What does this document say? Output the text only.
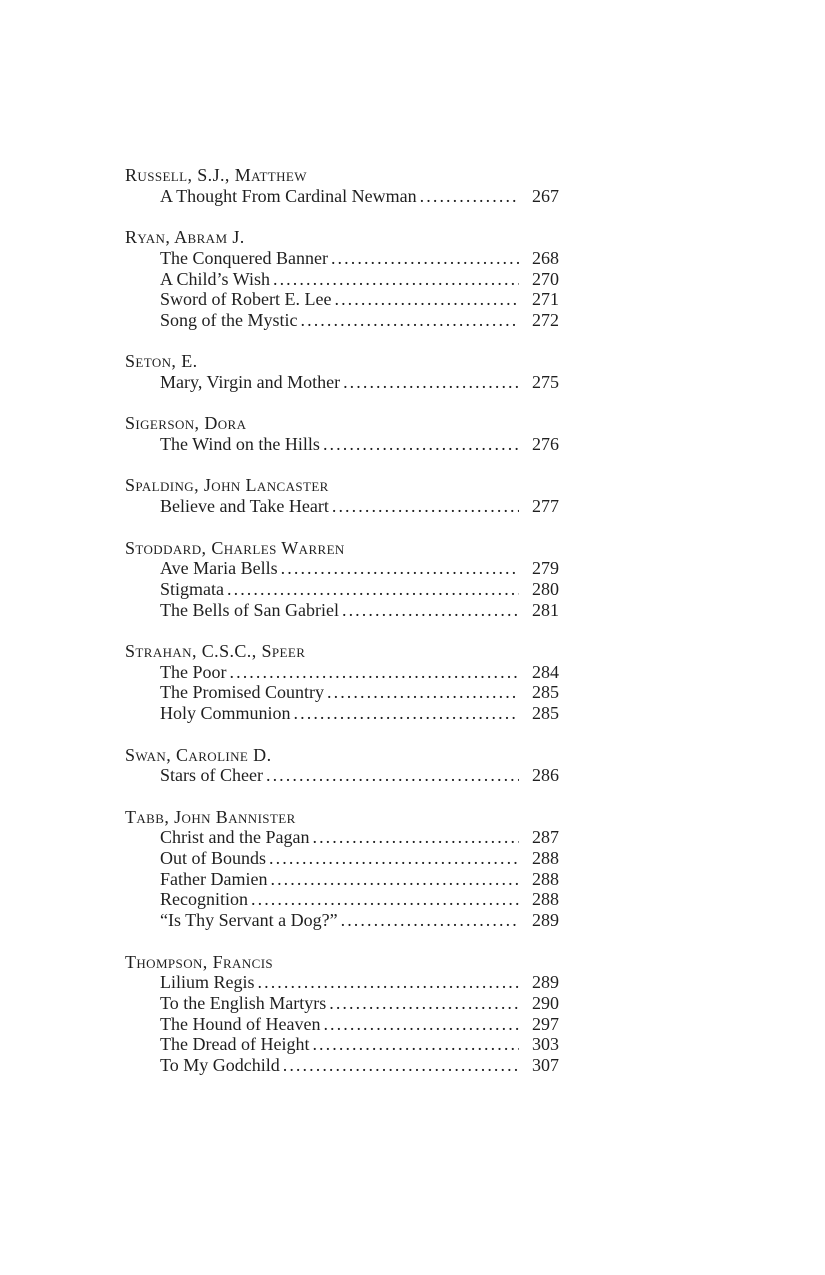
Russell, S.J., Matthew
A Thought From Cardinal Newman .....	267
Ryan, Abram J.
The Conquered Banner .....	268
A Child’s Wish .....	270
Sword of Robert E. Lee .....	271
Song of the Mystic .....	272
Seton, E.
Mary, Virgin and Mother .....	275
Sigerson, Dora
The Wind on the Hills .....	276
Spalding, John Lancaster
Believe and Take Heart .....	277
Stoddard, Charles Warren
Ave Maria Bells .....	279
Stigmata .....	280
The Bells of San Gabriel .....	281
Strahan, C.S.C., Speer
The Poor .....	284
The Promised Country .....	285
Holy Communion .....	285
Swan, Caroline D.
Stars of Cheer .....	286
Tabb, John Bannister
Christ and the Pagan .....	287
Out of Bounds .....	288
Father Damien .....	288
Recognition .....	288
“Is Thy Servant a Dog?” .....	289
Thompson, Francis
Lilium Regis .....	289
To the English Martyrs .....	290
The Hound of Heaven .....	297
The Dread of Height .....	303
To My Godchild .....	307
